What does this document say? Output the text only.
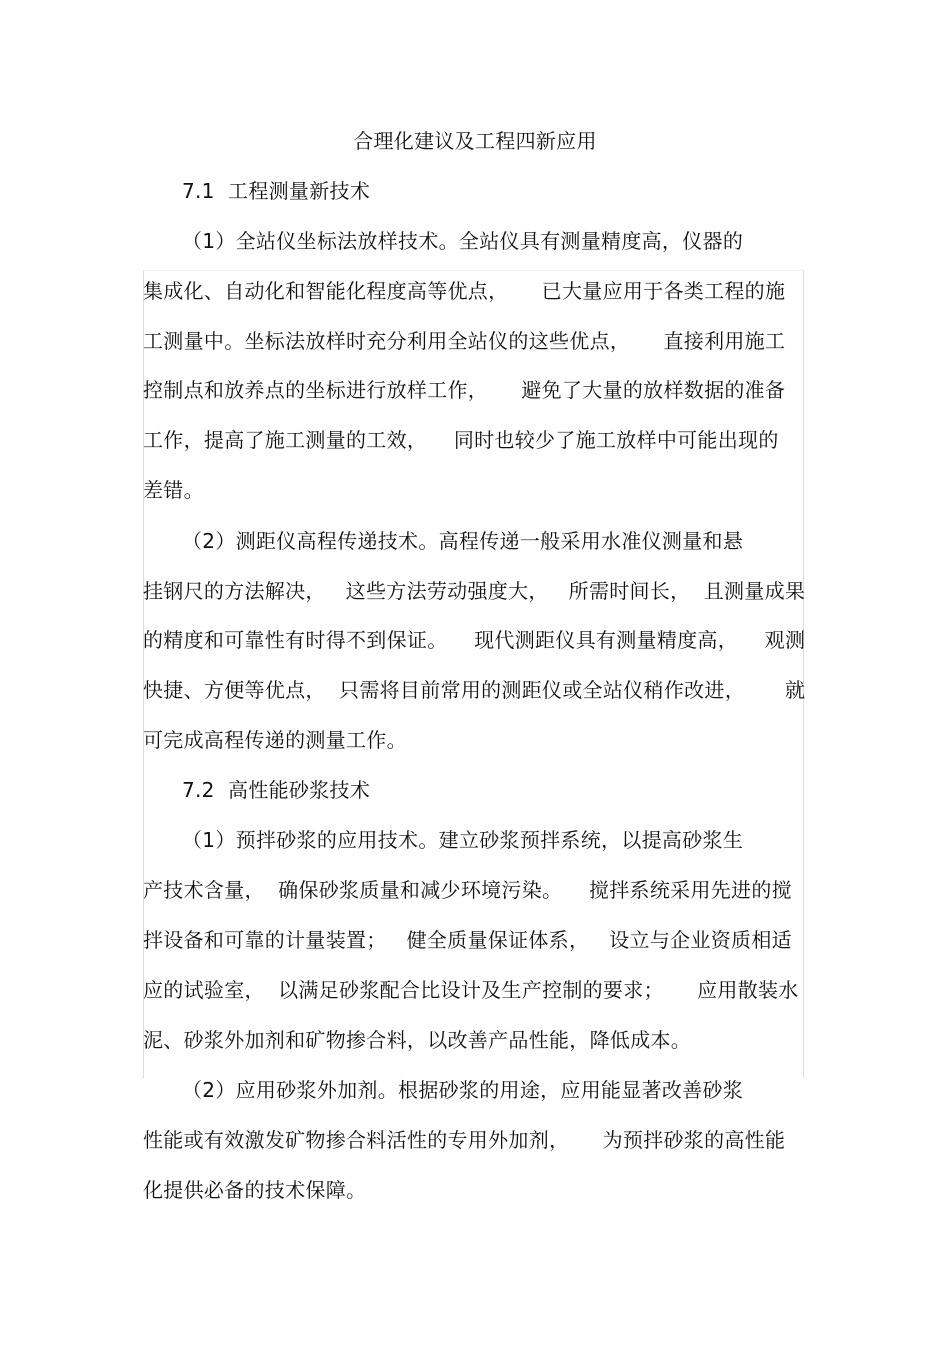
合理化建议及工程四新应用
7.1  工程测量新技术
（1）全站仪坐标法放样技术。全站仪具有测量精度高，仪器的
集成化、自动化和智能化程度高等优点，     已大量应用于各类工程的施
工测量中。坐标法放样时充分利用全站仪的这些优点，     直接利用施工
控制点和放养点的坐标进行放样工作，     避免了大量的放样数据的准备
工作，提高了施工测量的工效，    同时也较少了施工放样中可能出现的
差错。
（2）测距仪高程传递技术。高程传递一般采用水准仪测量和悬
挂钢尺的方法解决，   这些方法劳动强度大，   所需时间长，  且测量成果
的精度和可靠性有时得不到保证。    现代测距仪具有测量精度高，    观测
快捷、方便等优点，  只需将目前常用的测距仪或全站仪稍作改进，      就
可完成高程传递的测量工作。
7.2  高性能砂浆技术
（1）预拌砂浆的应用技术。建立砂浆预拌系统，以提高砂浆生
产技术含量，  确保砂浆质量和减少环境污染。    搅拌系统采用先进的搅
拌设备和可靠的计量装置；   健全质量保证体系，   设立与企业资质相适
应的试验室，  以满足砂浆配合比设计及生产控制的要求；     应用散装水
泥、砂浆外加剂和矿物掺合料，以改善产品性能，降低成本。
（2）应用砂浆外加剂。根据砂浆的用途，应用能显著改善砂浆
性能或有效激发矿物掺合料活性的专用外加剂，     为预拌砂浆的高性能
化提供必备的技术保障。
